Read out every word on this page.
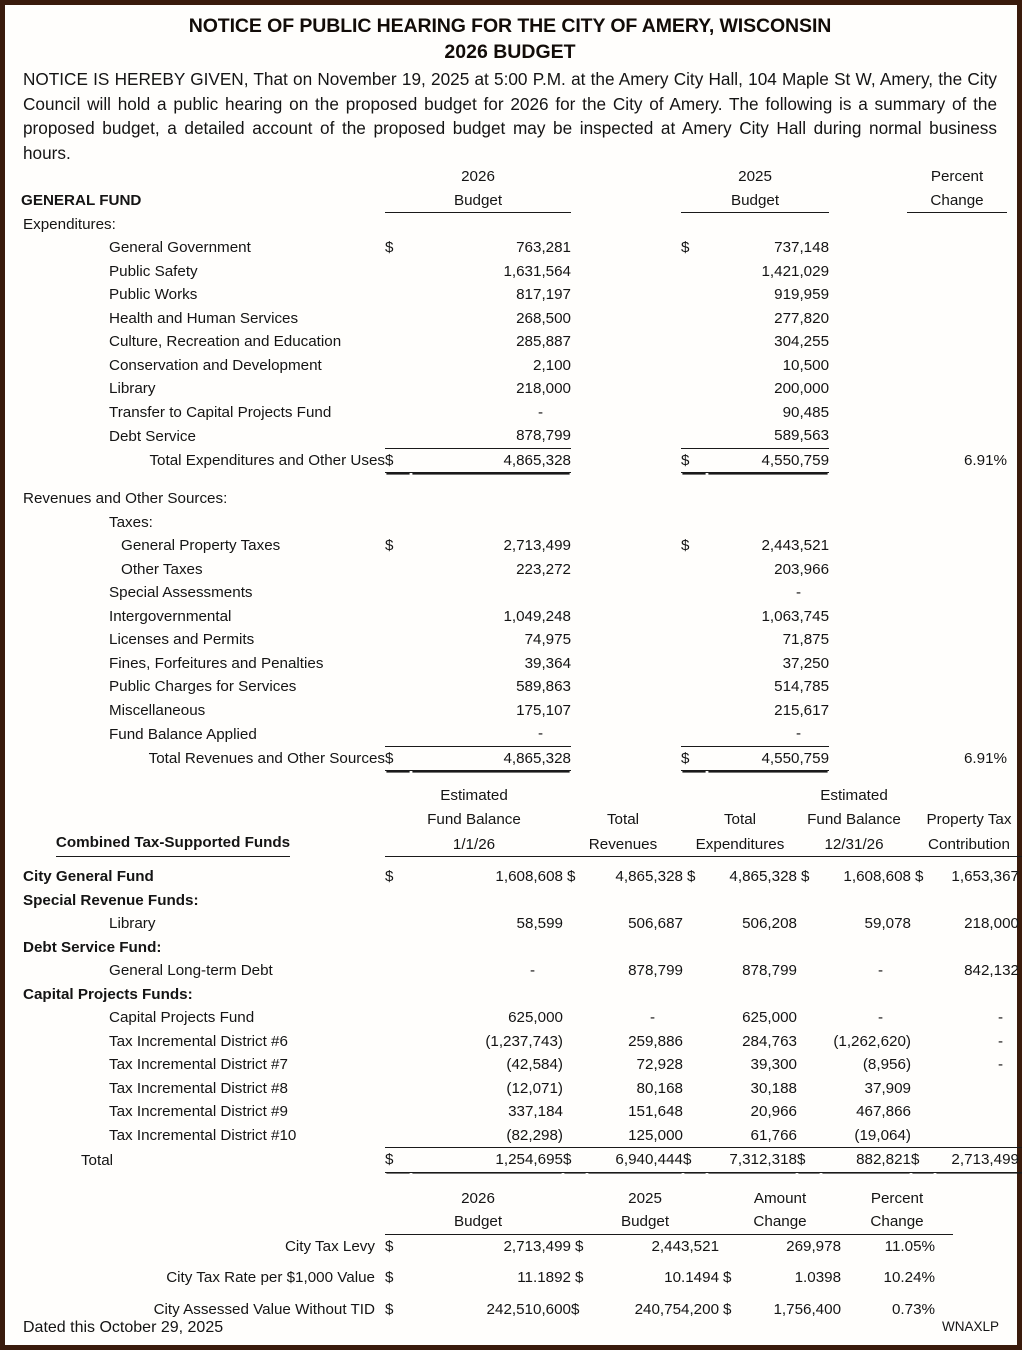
NOTICE OF PUBLIC HEARING FOR THE CITY OF AMERY, WISCONSIN
2026 BUDGET
NOTICE IS HEREBY GIVEN, That on November 19, 2025 at 5:00 P.M. at the Amery City Hall, 104 Maple St W, Amery, the City Council will hold a public hearing on the proposed budget for 2026 for the City of Amery. The following is a summary of the proposed budget, a detailed account of the proposed budget may be inspected at Amery City Hall during normal business hours.
	2026			2025			Percent
GENERAL FUND	Budget			Budget			Change
Expenditures:							
General Government	$	763,281		$	737,148		
Public Safety		1,631,564			1,421,029		
Public Works		817,197			919,959		
Health and Human Services		268,500			277,820		
Culture, Recreation and Education		285,887			304,255		
Conservation and Development		2,100			10,500		
Library		218,000			200,000		
Transfer to Capital Projects Fund		-			90,485		
Debt Service		878,799			589,563		
Total Expenditures and Other Uses	$	4,865,328		$	4,550,759		6.91%

Revenues and Other Sources:							
Taxes:							
General Property Taxes	$	2,713,499		$	2,443,521		
Other Taxes		223,272			203,966		
Special Assessments					-		
Intergovernmental		1,049,248			1,063,745		
Licenses and Permits		74,975			71,875		
Fines, Forfeitures and Penalties		39,364			37,250		
Public Charges for Services		589,863			514,785		
Miscellaneous		175,107			215,617		
Fund Balance Applied		-			-		
Total Revenues and Other Sources	$	4,865,328		$	4,550,759		6.91%
	Estimated						Estimated			
	Fund Balance		Total		Total		Fund Balance		Property Tax	
Combined Tax-Supported Funds	1/1/26		Revenues		Expenditures		12/31/26		Contribution	

City General Fund	$	1,608,608	$	4,865,328	$	4,865,328	$	1,608,608	$	1,653,367
Special Revenue Funds:										
Library		58,599		506,687		506,208		59,078		218,000
Debt Service Fund:										
General Long-term Debt		-		878,799		878,799		-		842,132
Capital Projects Funds:										
Capital Projects Fund		625,000		-		625,000		-		-
Tax Incremental District #6		(1,237,743)		259,886		284,763		(1,262,620)		-
Tax Incremental District #7		(42,584)		72,928		39,300		(8,956)		-
Tax Incremental District #8		(12,071)		80,168		30,188		37,909		
Tax Incremental District #9		337,184		151,648		20,966		467,866		
Tax Incremental District #10		(82,298)		125,000		61,766		(19,064)		
Total	$	1,254,695	$	6,940,444	$	7,312,318	$	882,821	$	2,713,499
	2026		2025		Amount		Percent	
	Budget		Budget		Change		Change	
City Tax Levy	$	2,713,499	$	2,443,521		269,978	11.05%	

City Tax Rate per $1,000 Value	$	11.1892	$	10.1494	$	1.0398	10.24%	

City Assessed Value Without TID	$	242,510,600	$	240,754,200	$	1,756,400	0.73%	
Dated this October 29, 2025	WNAXLP
